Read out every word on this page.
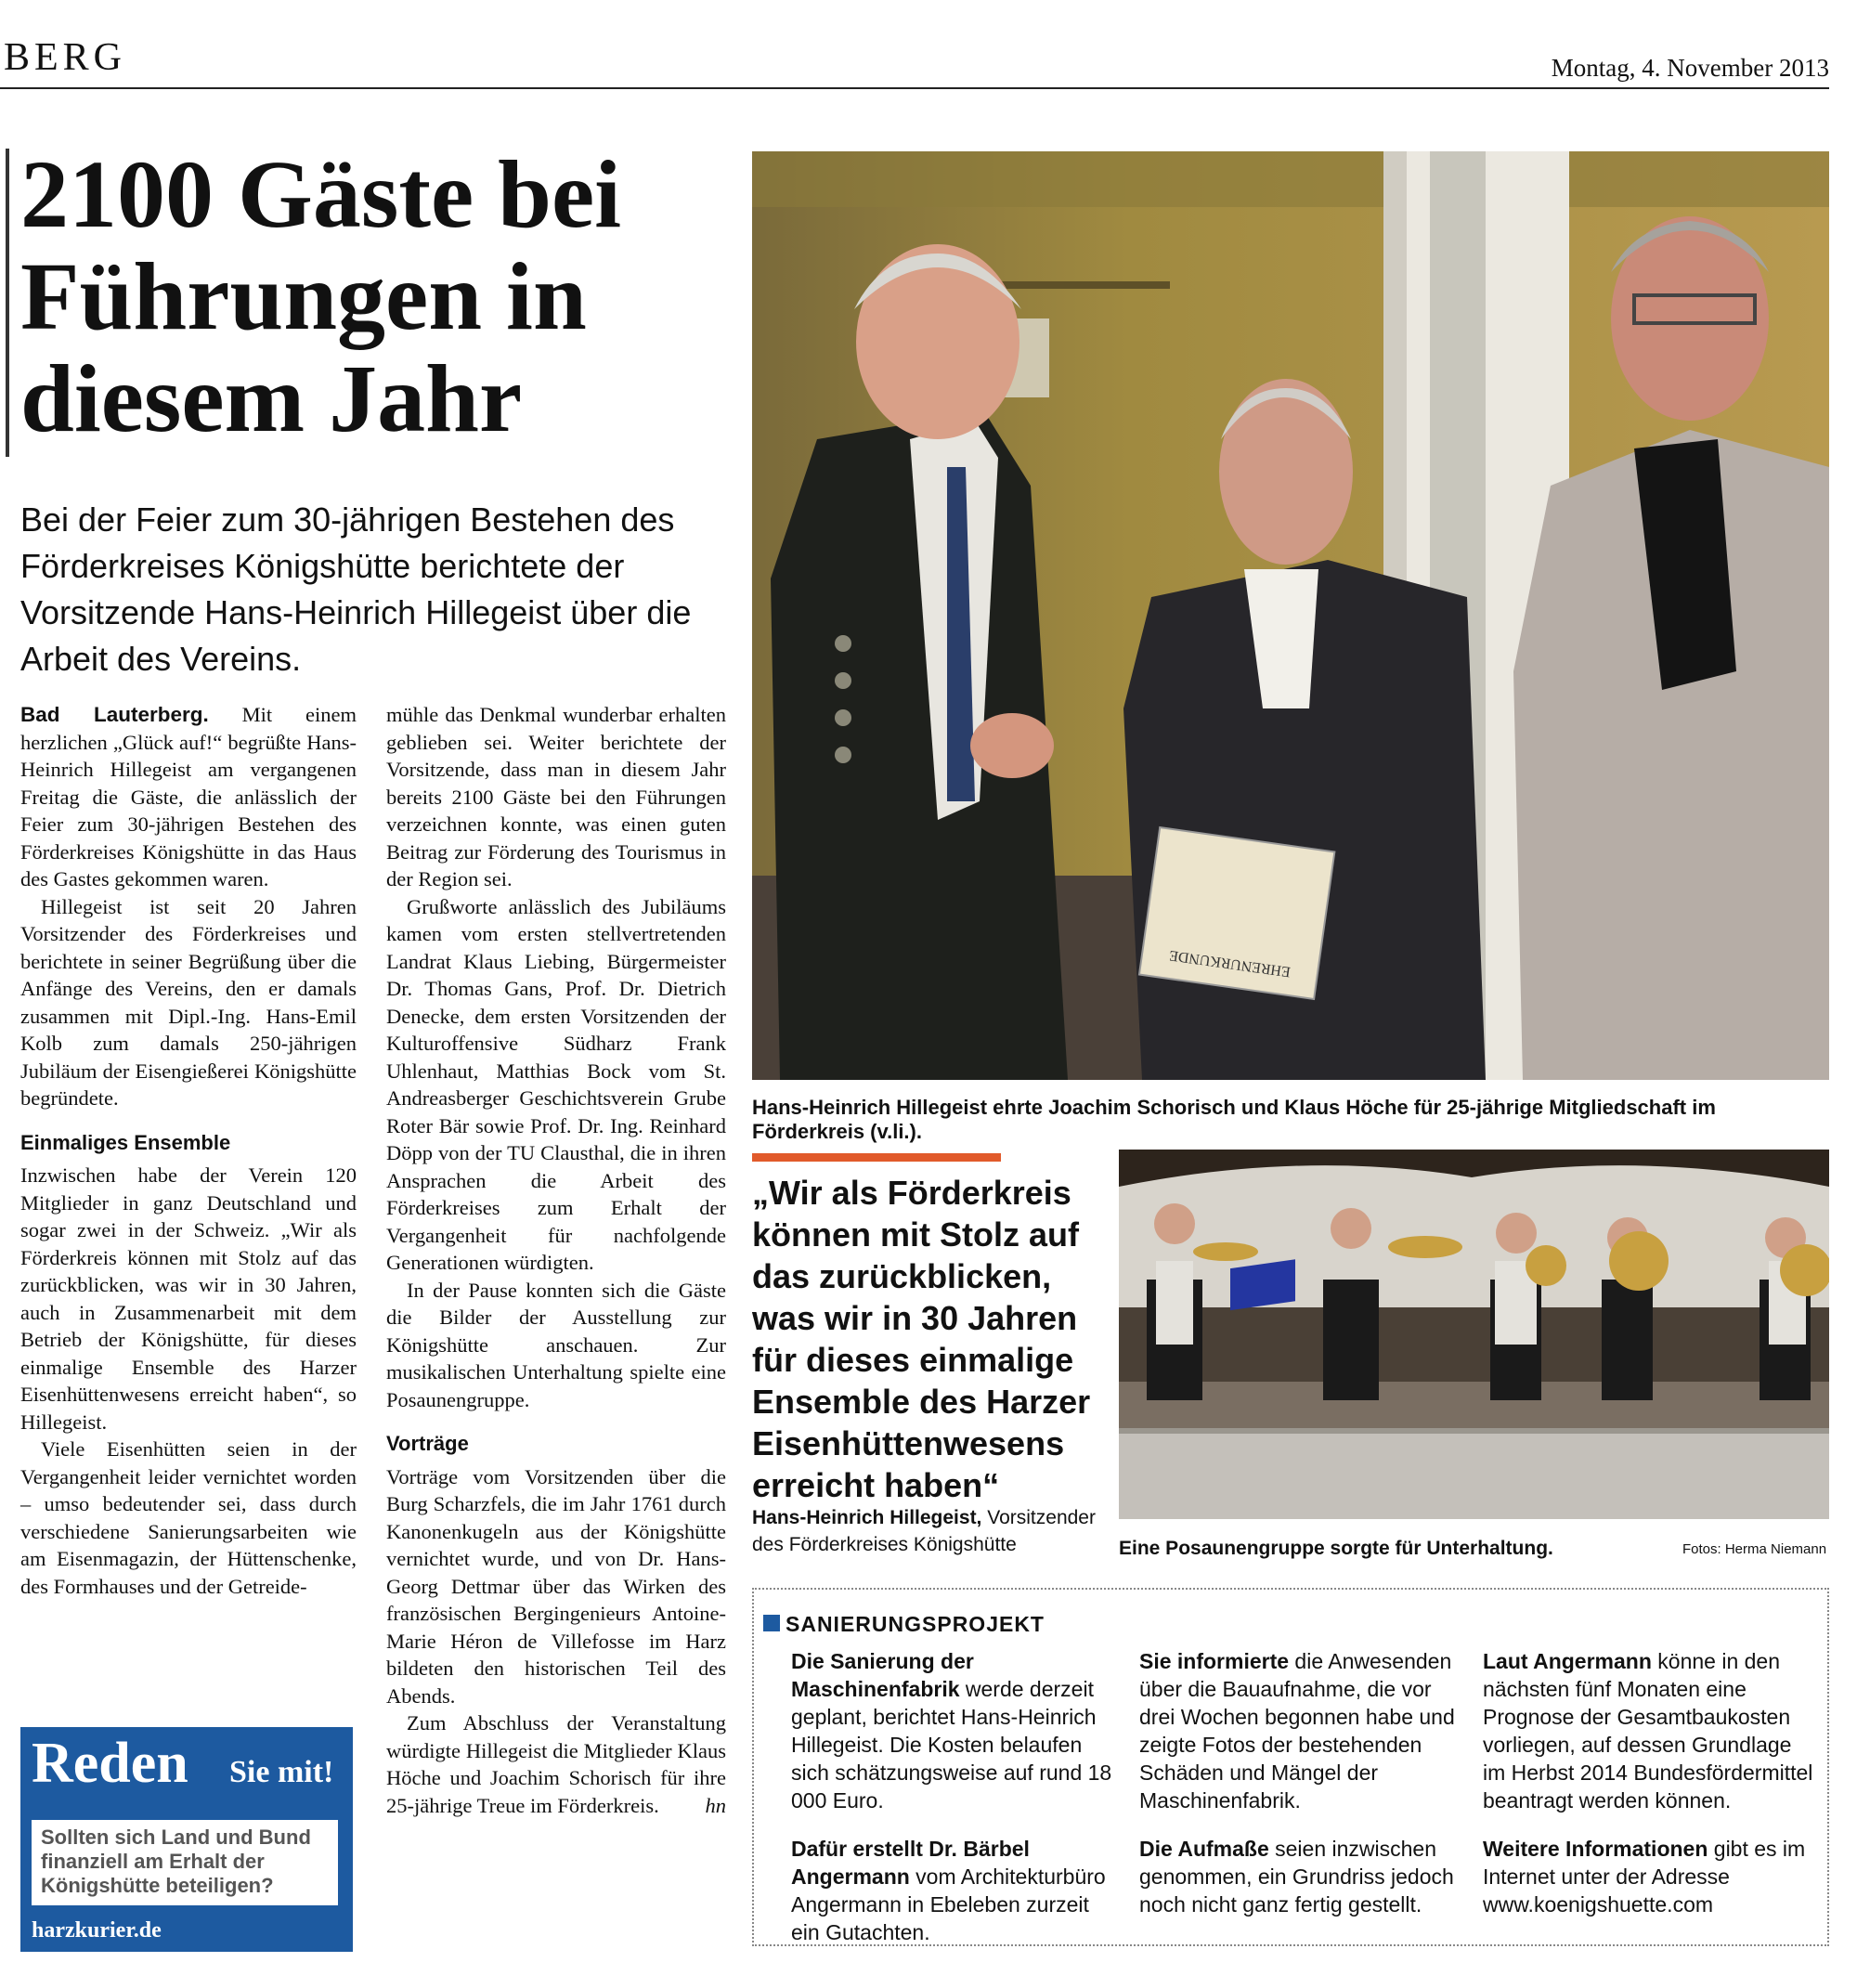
BERG	Montag, 4. November 2013
2100 Gäste bei Führungen in diesem Jahr
Bei der Feier zum 30-jährigen Bestehen des Förderkreises Königshütte berichtete der Vorsitzende Hans-Heinrich Hillegeist über die Arbeit des Vereins.

Bad Lauterberg. Mit einem herzlichen „Glück auf!“ begrüßte Hans-Heinrich Hillegeist am vergangenen Freitag die Gäste, die anlässlich der Feier zum 30-jährigen Bestehen des Förderkreises Königshütte in das Haus des Gastes gekommen waren.

Hillegeist ist seit 20 Jahren Vorsitzender des Förderkreises und berichtete in seiner Begrüßung über die Anfänge des Vereins, den er damals zusammen mit Dipl.-Ing. Hans-Emil Kolb zum damals 250-jährigen Jubiläum der Eisengießerei Königshütte begründete.

Einmaliges Ensemble

Inzwischen habe der Verein 120 Mitglieder in ganz Deutschland und sogar zwei in der Schweiz. „Wir als Förderkreis können mit Stolz auf das zurückblicken, was wir in 30 Jahren, auch in Zusammenarbeit mit dem Betrieb der Königshütte, für dieses einmalige Ensemble des Harzer Eisenhüttenwesens erreicht haben“, so Hillegeist.

Viele Eisenhütten seien in der Vergangenheit leider vernichtet worden – umso bedeutender sei, dass durch verschiedene Sanierungsarbeiten wie am Eisenmagazin, der Hüttenschenke, des Formhauses und der Getreide-

mühle das Denkmal wunderbar erhalten geblieben sei. Weiter berichtete der Vorsitzende, dass man in diesem Jahr bereits 2100 Gäste bei den Führungen verzeichnen konnte, was einen guten Beitrag zur Förderung des Tourismus in der Region sei.

Grußworte anlässlich des Jubiläums kamen vom ersten stellvertretenden Landrat Klaus Liebing, Bürgermeister Dr. Thomas Gans, Prof. Dr. Dietrich Denecke, dem ersten Vorsitzenden der Kulturoffensive Südharz Frank Uhlenhaut, Matthias Bock vom St. Andreasberger Geschichtsverein Grube Roter Bär sowie Prof. Dr. Ing. Reinhard Döpp von der TU Clausthal, die in ihren Ansprachen die Arbeit des Förderkreises zum Erhalt der Vergangenheit für nachfolgende Generationen würdigten.

In der Pause konnten sich die Gäste die Bilder der Ausstellung zur Königshütte anschauen. Zur musikalischen Unterhaltung spielte eine Posaunengruppe.

Vorträge

Vorträge vom Vorsitzenden über die Burg Scharzfels, die im Jahr 1761 durch Kanonenkugeln aus der Königshütte vernichtet wurde, und von Dr. Hans-Georg Dettmar über das Wirken des französischen Bergingenieurs Antoine-Marie Héron de Villefosse im Harz bildeten den historischen Teil des Abends.

Zum Abschluss der Veranstaltung würdigte Hillegeist die Mitglieder Klaus Höche und Joachim Schorisch für ihre 25-jährige Treue im Förderkreis.	hn

Reden Sie mit!
Sollten sich Land und Bund finanziell am Erhalt der Königshütte beteiligen?
harzkurier.de
EHRENURKUNDE
Hans-Heinrich Hillegeist ehrte Joachim Schorisch und Klaus Höche für 25-jährige Mitgliedschaft im Förderkreis (v.li.).
„Wir als Förderkreis können mit Stolz auf das zurückblicken, was wir in 30 Jahren für dieses einmalige Ensemble des Harzer Eisenhüttenwesens erreicht haben“
Hans-Heinrich Hillegeist, Vorsitzender des Förderkreises Königshütte	Eine Posaunengruppe sorgte für Unterhaltung.	Fotos: Herma Niemann
SANIERUNGSPROJEKT

Die Sanierung der Maschinenfabrik werde derzeit geplant, berichtet Hans-Heinrich Hillegeist. Die Kosten belaufen sich schätzungsweise auf rund 18 000 Euro.

Dafür erstellt Dr. Bärbel Angermann vom Architekturbüro Angermann in Ebeleben zurzeit ein Gutachten.

Sie informierte die Anwesenden über die Bauaufnahme, die vor drei Wochen begonnen habe und zeigte Fotos der bestehenden Schäden und Mängel der Maschinenfabrik.

Die Aufmaße seien inzwischen genommen, ein Grundriss jedoch noch nicht ganz fertig gestellt.

Laut Angermann könne in den nächsten fünf Monaten eine Prognose der Gesamtbaukosten vorliegen, auf dessen Grundlage im Herbst 2014 Bundesfördermittel beantragt werden können.

Weitere Informationen gibt es im Internet unter der Adresse www.koenigshuette.com
